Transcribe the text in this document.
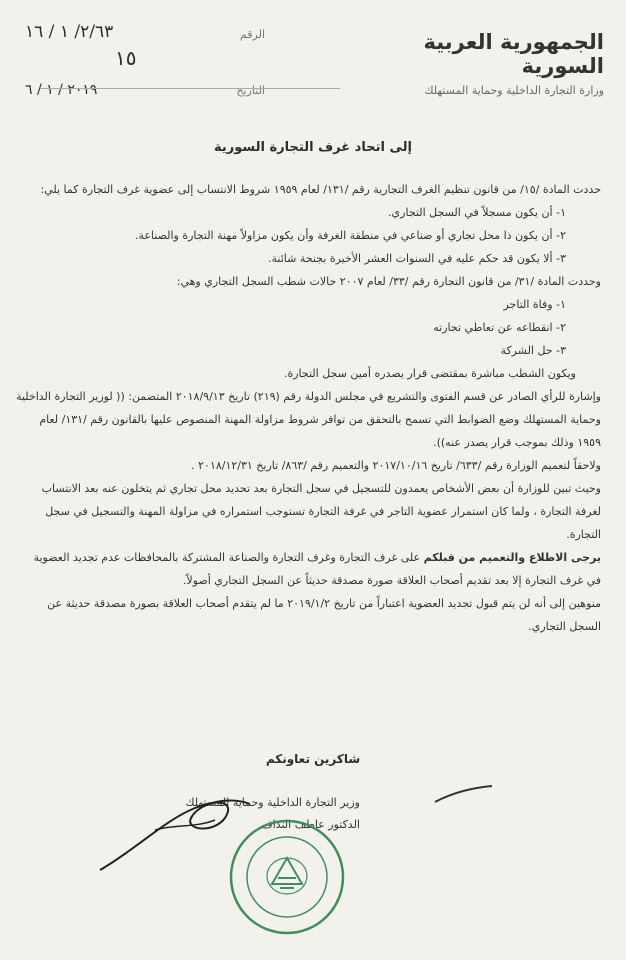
الجمهورية العربية السورية
وزارة التجارة الداخلية وحماية المستهلك
٢/٦٣/ ١ / ١٦	الرقم
١٥
٢٠١٩ / ١ / ٦	التاريخ
إلى اتحاد غرف التجارة السورية

حددت المادة /١٥/ من قانون تنظيم الغرف التجارية رقم /١٣١/ لعام ١٩٥٩ شروط الانتساب إلى عضوية غرف التجارة كما يلي:

١- أن يكون مسجلاً في السجل التجاري.

٢- أن يكون ذا محل تجاري أو صناعي في منطقة الغرفة وأن يكون مزاولاً مهنة التجارة والصناعة.

٣- ألا يكون قد حكم عليه في السنوات العشر الأخيرة بجنحة شائنة.

وحددت المادة /٣١/ من قانون التجارة رقم /٣٣/ لعام ٢٠٠٧ حالات شطب السجل التجاري وهي:

١- وفاة التاجر

٢- انقطاعه عن تعاطي تجارته

٣- حل الشركة

ويكون الشطب مباشرة بمقتضى قرار يصدره أمين سجل التجارة.

وإشارة للرأي الصادر عن قسم الفتوى والتشريع في مجلس الدولة رقم (٢١٩) تاريخ ٢٠١٨/٩/١٣ المتضمن: (( لوزير التجارة الداخلية وحماية المستهلك وضع الضوابط التي تسمح بالتحقق من توافر شروط مزاولة المهنة المنصوص عليها بالقانون رقم /١٣١/ لعام ١٩٥٩ وذلك بموجب قرار يصدر عنه)).

ولاحقاً لتعميم الوزارة رقم /٦٣٣/ تاريخ ٢٠١٧/١٠/١٦ والتعميم رقم /٨٦٣/ تاريخ ٢٠١٨/١٢/٣١ .

وحيث تبين للوزارة أن بعض الأشخاص يعمدون للتسجيل في سجل التجارة بعد تحديد محل تجاري ثم يتخلون عنه بعد الانتساب لغرفة التجارة ، ولما كان استمرار عضوية التاجر في غرفة التجارة تستوجب استمراره في مزاولة المهنة والتسجيل في سجل التجارة.

يرجى الاطلاع والتعميم من قبلكم على غرف التجارة وغرف التجارة والصناعة المشتركة بالمحافظات عدم تجديد العضوية في غرف التجارة إلا بعد تقديم أصحاب العلاقة صورة مصدقة حديثاً عن السجل التجاري أصولاً.

منوهين إلى أنه لن يتم قبول تجديد العضوية اعتباراً من تاريخ ٢٠١٩/١/٢ ما لم يتقدم أصحاب العلاقة بصورة مصدقة حديثة عن السجل التجاري.

شاكرين تعاونكم
وزير التجارة الداخلية وحماية المستهلك
الدكتور عاطف النداف
